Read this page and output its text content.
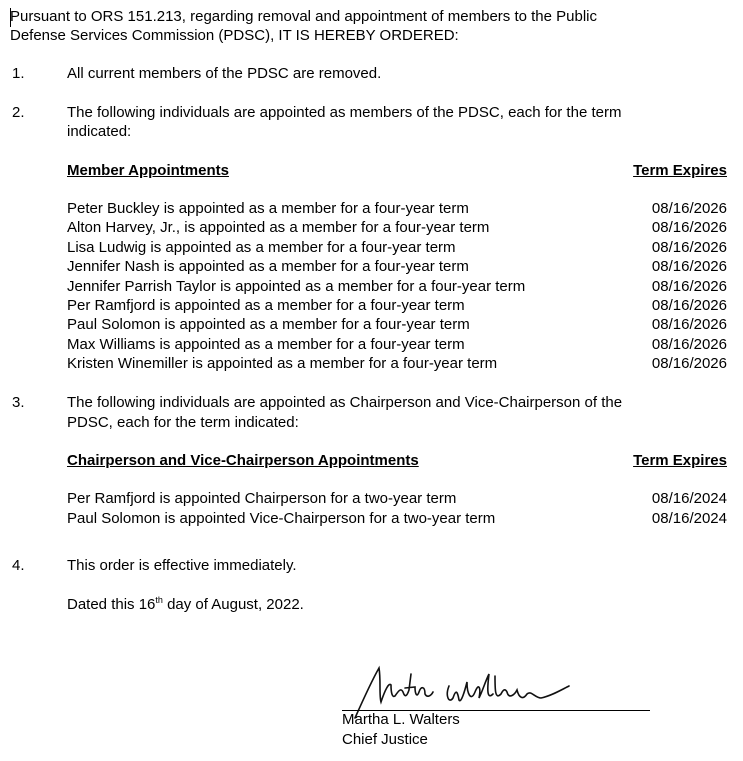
Pursuant to ORS 151.213, regarding removal and appointment of members to the Public
Defense Services Commission (PDSC), IT IS HEREBY ORDERED:
1.	All current members of the PDSC are removed.
2.	The following individuals are appointed as members of the PDSC, each for the term
indicated:
Member Appointments	Term Expires
Peter Buckley is appointed as a member for a four-year term	08/16/2026
Alton Harvey, Jr., is appointed as a member for a four-year term	08/16/2026
Lisa Ludwig is appointed as a member for a four-year term	08/16/2026
Jennifer Nash is appointed as a member for a four-year term	08/16/2026
Jennifer Parrish Taylor is appointed as a member for a four-year term	08/16/2026
Per Ramfjord is appointed as a member for a four-year term	08/16/2026
Paul Solomon is appointed as a member for a four-year term	08/16/2026
Max Williams is appointed as a member for a four-year term	08/16/2026
Kristen Winemiller is appointed as a member for a four-year term	08/16/2026
3.	The following individuals are appointed as Chairperson and Vice-Chairperson of the
PDSC, each for the term indicated:
Chairperson and Vice-Chairperson Appointments	Term Expires
Per Ramfjord is appointed Chairperson for a two-year term	08/16/2024
Paul Solomon is appointed Vice-Chairperson for a two-year term	08/16/2024
4.	This order is effective immediately.
Dated this 16th day of August, 2022.
Martha L. Walters
Chief Justice
